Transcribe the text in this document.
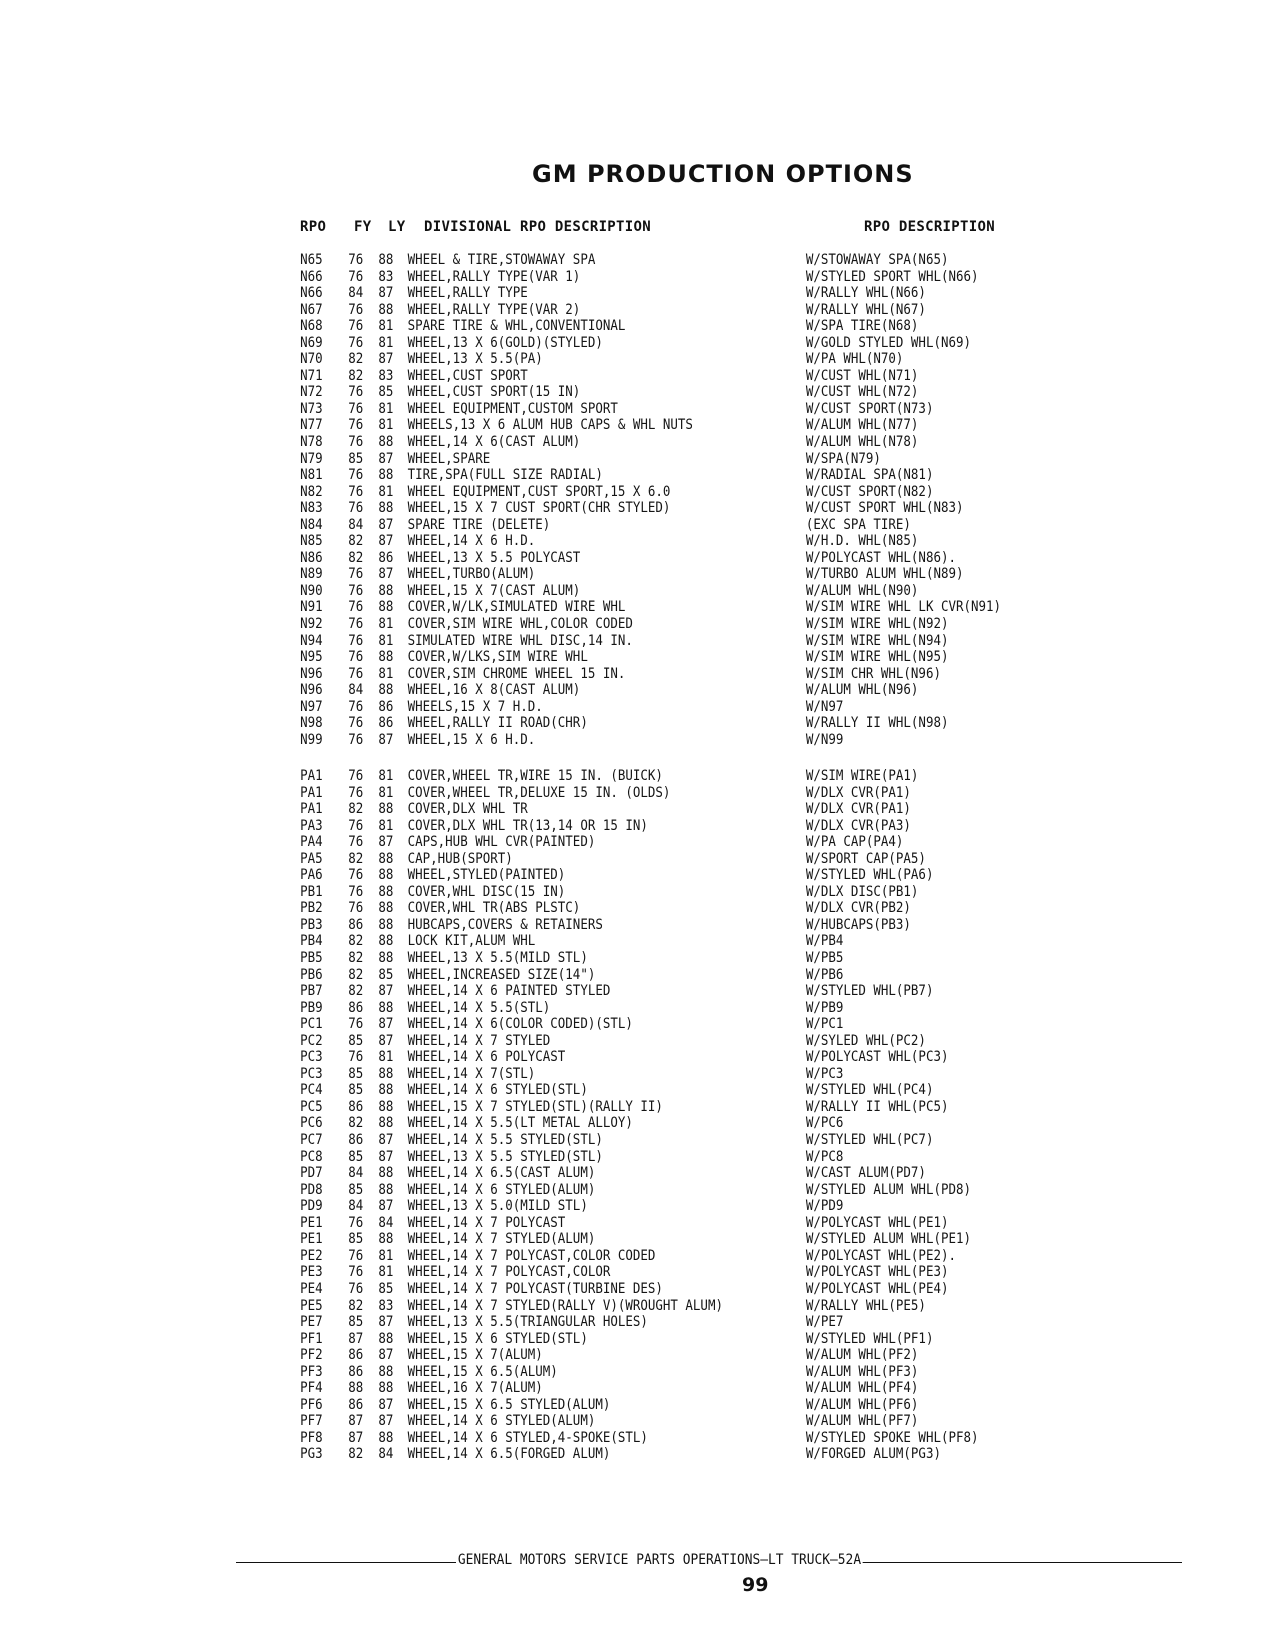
GM PRODUCTION OPTIONS
RPO FY LY DIVISIONAL RPO DESCRIPTION	RPO DESCRIPTION
N65 76 88 WHEEL & TIRE,STOWAWAY SPA	W/STOWAWAY SPA(N65)
N66 76 83 WHEEL,RALLY TYPE(VAR 1)	W/STYLED SPORT WHL(N66)
N66 84 87 WHEEL,RALLY TYPE	W/RALLY WHL(N66)
N67 76 88 WHEEL,RALLY TYPE(VAR 2)	W/RALLY WHL(N67)
N68 76 81 SPARE TIRE & WHL,CONVENTIONAL	W/SPA TIRE(N68)
N69 76 81 WHEEL,13 X 6(GOLD)(STYLED)	W/GOLD STYLED WHL(N69)
N70 82 87 WHEEL,13 X 5.5(PA)	W/PA WHL(N70)
N71 82 83 WHEEL,CUST SPORT	W/CUST WHL(N71)
N72 76 85 WHEEL,CUST SPORT(15 IN)	W/CUST WHL(N72)
N73 76 81 WHEEL EQUIPMENT,CUSTOM SPORT	W/CUST SPORT(N73)
N77 76 81 WHEELS,13 X 6 ALUM HUB CAPS & WHL NUTS	W/ALUM WHL(N77)
N78 76 88 WHEEL,14 X 6(CAST ALUM)	W/ALUM WHL(N78)
N79 85 87 WHEEL,SPARE	W/SPA(N79)
N81 76 88 TIRE,SPA(FULL SIZE RADIAL)	W/RADIAL SPA(N81)
N82 76 81 WHEEL EQUIPMENT,CUST SPORT,15 X 6.0	W/CUST SPORT(N82)
N83 76 88 WHEEL,15 X 7 CUST SPORT(CHR STYLED)	W/CUST SPORT WHL(N83)
N84 84 87 SPARE TIRE (DELETE)	(EXC SPA TIRE)
N85 82 87 WHEEL,14 X 6 H.D.	W/H.D. WHL(N85)
N86 82 86 WHEEL,13 X 5.5 POLYCAST	W/POLYCAST WHL(N86).
N89 76 87 WHEEL,TURBO(ALUM)	W/TURBO ALUM WHL(N89)
N90 76 88 WHEEL,15 X 7(CAST ALUM)	W/ALUM WHL(N90)
N91 76 88 COVER,W/LK,SIMULATED WIRE WHL	W/SIM WIRE WHL LK CVR(N91)
N92 76 81 COVER,SIM WIRE WHL,COLOR CODED	W/SIM WIRE WHL(N92)
N94 76 81 SIMULATED WIRE WHL DISC,14 IN.	W/SIM WIRE WHL(N94)
N95 76 88 COVER,W/LKS,SIM WIRE WHL	W/SIM WIRE WHL(N95)
N96 76 81 COVER,SIM CHROME WHEEL 15 IN.	W/SIM CHR WHL(N96)
N96 84 88 WHEEL,16 X 8(CAST ALUM)	W/ALUM WHL(N96)
N97 76 86 WHEELS,15 X 7 H.D.	W/N97
N98 76 86 WHEEL,RALLY II ROAD(CHR)	W/RALLY II WHL(N98)
N99 76 87 WHEEL,15 X 6 H.D.	W/N99
PA1 76 81 COVER,WHEEL TR,WIRE 15 IN. (BUICK)	W/SIM WIRE(PA1)
PA1 76 81 COVER,WHEEL TR,DELUXE 15 IN. (OLDS)	W/DLX CVR(PA1)
PA1 82 88 COVER,DLX WHL TR	W/DLX CVR(PA1)
PA3 76 81 COVER,DLX WHL TR(13,14 OR 15 IN)	W/DLX CVR(PA3)
PA4 76 87 CAPS,HUB WHL CVR(PAINTED)	W/PA CAP(PA4)
PA5 82 88 CAP,HUB(SPORT)	W/SPORT CAP(PA5)
PA6 76 88 WHEEL,STYLED(PAINTED)	W/STYLED WHL(PA6)
PB1 76 88 COVER,WHL DISC(15 IN)	W/DLX DISC(PB1)
PB2 76 88 COVER,WHL TR(ABS PLSTC)	W/DLX CVR(PB2)
PB3 86 88 HUBCAPS,COVERS & RETAINERS	W/HUBCAPS(PB3)
PB4 82 88 LOCK KIT,ALUM WHL	W/PB4
PB5 82 88 WHEEL,13 X 5.5(MILD STL)	W/PB5
PB6 82 85 WHEEL,INCREASED SIZE(14")	W/PB6
PB7 82 87 WHEEL,14 X 6 PAINTED STYLED	W/STYLED WHL(PB7)
PB9 86 88 WHEEL,14 X 5.5(STL)	W/PB9
PC1 76 87 WHEEL,14 X 6(COLOR CODED)(STL)	W/PC1
PC2 85 87 WHEEL,14 X 7 STYLED	W/SYLED WHL(PC2)
PC3 76 81 WHEEL,14 X 6 POLYCAST	W/POLYCAST WHL(PC3)
PC3 85 88 WHEEL,14 X 7(STL)	W/PC3
PC4 85 88 WHEEL,14 X 6 STYLED(STL)	W/STYLED WHL(PC4)
PC5 86 88 WHEEL,15 X 7 STYLED(STL)(RALLY II)	W/RALLY II WHL(PC5)
PC6 82 88 WHEEL,14 X 5.5(LT METAL ALLOY)	W/PC6
PC7 86 87 WHEEL,14 X 5.5 STYLED(STL)	W/STYLED WHL(PC7)
PC8 85 87 WHEEL,13 X 5.5 STYLED(STL)	W/PC8
PD7 84 88 WHEEL,14 X 6.5(CAST ALUM)	W/CAST ALUM(PD7)
PD8 85 88 WHEEL,14 X 6 STYLED(ALUM)	W/STYLED ALUM WHL(PD8)
PD9 84 87 WHEEL,13 X 5.0(MILD STL)	W/PD9
PE1 76 84 WHEEL,14 X 7 POLYCAST	W/POLYCAST WHL(PE1)
PE1 85 88 WHEEL,14 X 7 STYLED(ALUM)	W/STYLED ALUM WHL(PE1)
PE2 76 81 WHEEL,14 X 7 POLYCAST,COLOR CODED	W/POLYCAST WHL(PE2).
PE3 76 81 WHEEL,14 X 7 POLYCAST,COLOR	W/POLYCAST WHL(PE3)
PE4 76 85 WHEEL,14 X 7 POLYCAST(TURBINE DES)	W/POLYCAST WHL(PE4)
PE5 82 83 WHEEL,14 X 7 STYLED(RALLY V)(WROUGHT ALUM)	W/RALLY WHL(PE5)
PE7 85 87 WHEEL,13 X 5.5(TRIANGULAR HOLES)	W/PE7
PF1 87 88 WHEEL,15 X 6 STYLED(STL)	W/STYLED WHL(PF1)
PF2 86 87 WHEEL,15 X 7(ALUM)	W/ALUM WHL(PF2)
PF3 86 88 WHEEL,15 X 6.5(ALUM)	W/ALUM WHL(PF3)
PF4 88 88 WHEEL,16 X 7(ALUM)	W/ALUM WHL(PF4)
PF6 86 87 WHEEL,15 X 6.5 STYLED(ALUM)	W/ALUM WHL(PF6)
PF7 87 87 WHEEL,14 X 6 STYLED(ALUM)	W/ALUM WHL(PF7)
PF8 87 88 WHEEL,14 X 6 STYLED,4-SPOKE(STL)	W/STYLED SPOKE WHL(PF8)
PG3 82 84 WHEEL,14 X 6.5(FORGED ALUM)	W/FORGED ALUM(PG3)
GENERAL MOTORS SERVICE PARTS OPERATIONS—LT TRUCK—52A
99
